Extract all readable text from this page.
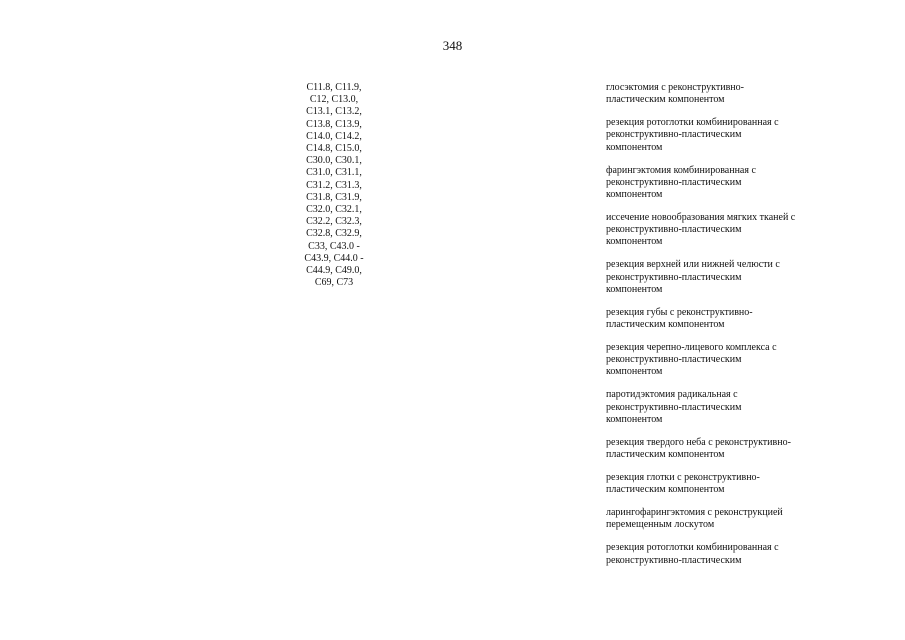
348
C11.8, C11.9,
C12, C13.0,
C13.1, C13.2,
C13.8, C13.9,
C14.0, C14.2,
C14.8, C15.0,
C30.0, C30.1,
C31.0, C31.1,
C31.2, C31.3,
C31.8, C31.9,
C32.0, C32.1,
C32.2, C32.3,
C32.8, C32.9,
C33, C43.0 -
C43.9, C44.0 -
C44.9, C49.0,
C69, C73
глосэктомия с реконструктивно-
пластическим компонентом
резекция ротоглотки комбинированная с
реконструктивно-пластическим
компонентом
фарингэктомия комбинированная с
реконструктивно-пластическим
компонентом
иссечение новообразования мягких тканей с
реконструктивно-пластическим
компонентом
резекция верхней или нижней челюсти с
реконструктивно-пластическим
компонентом
резекция губы с реконструктивно-
пластическим компонентом
резекция черепно-лицевого комплекса с
реконструктивно-пластическим
компонентом
паротидэктомия радикальная с
реконструктивно-пластическим
компонентом
резекция твердого неба с реконструктивно-
пластическим компонентом
резекция глотки с реконструктивно-
пластическим компонентом
ларингофарингэктомия с реконструкцией
перемещенным лоскутом
резекция ротоглотки комбинированная с
реконструктивно-пластическим
